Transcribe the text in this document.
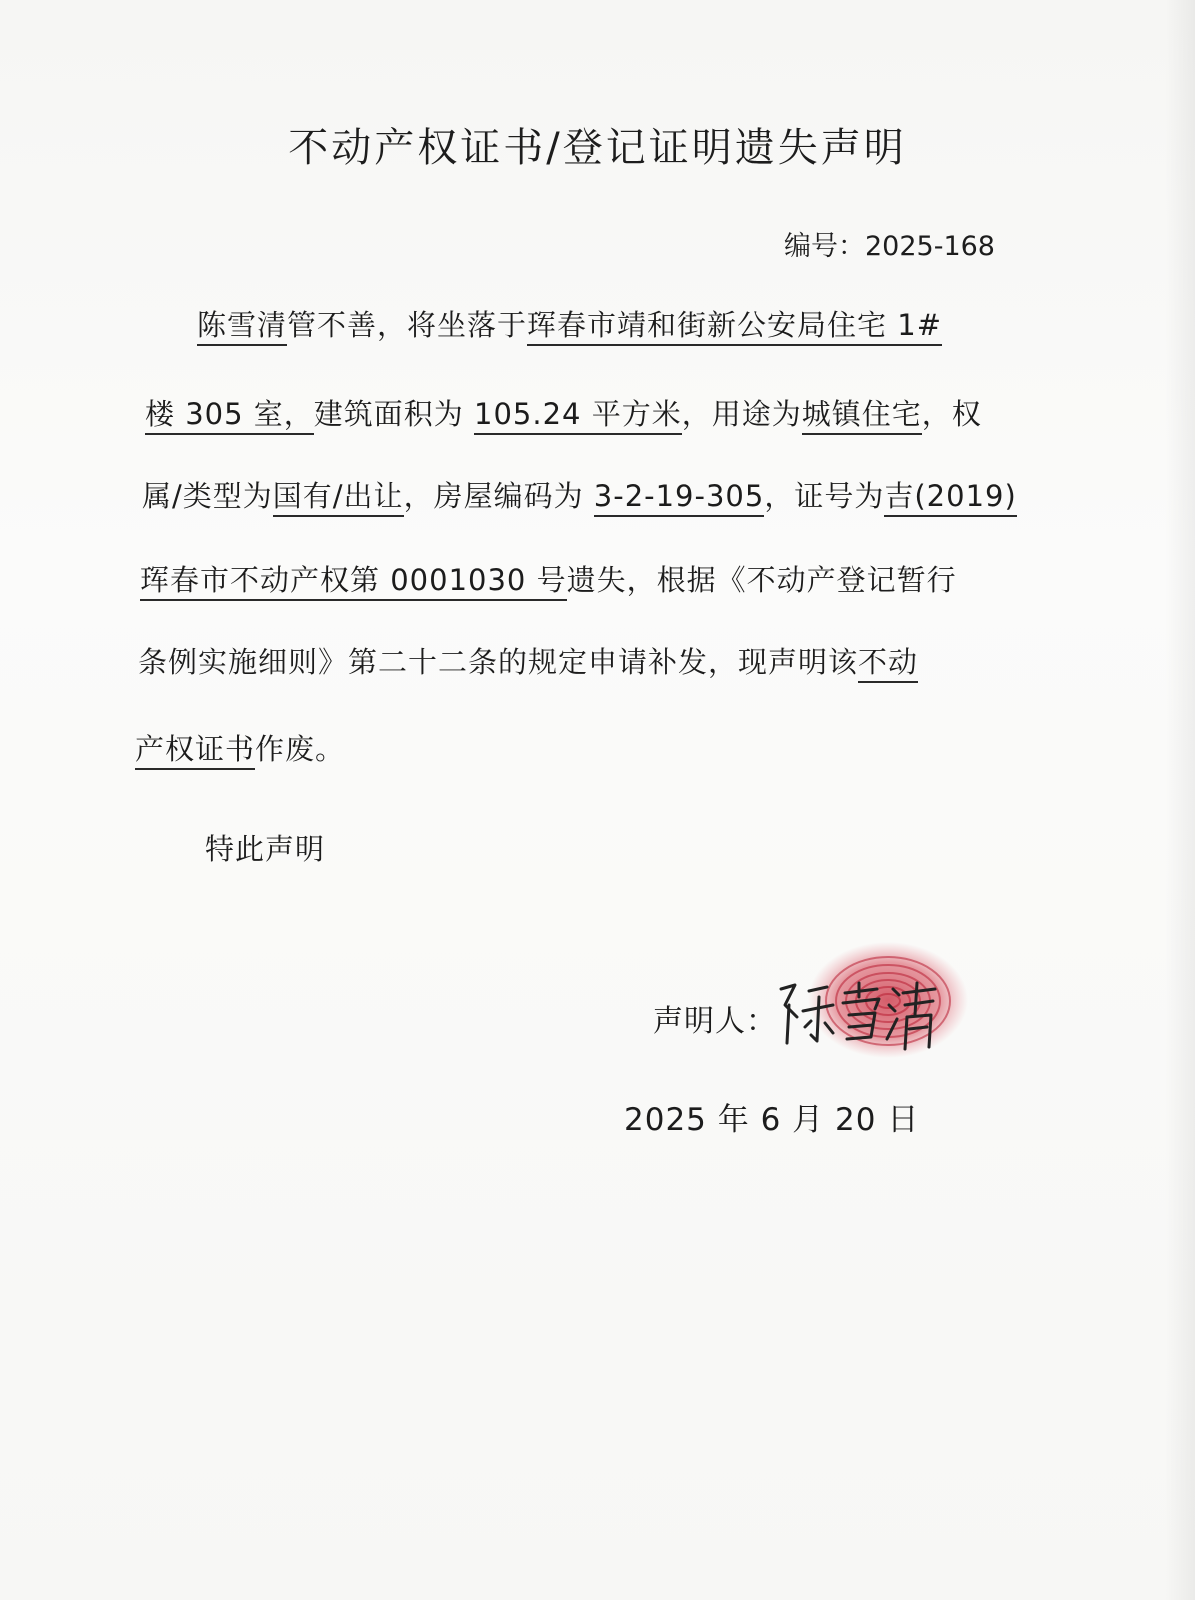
不动产权证书/登记证明遗失声明
编号：2025-168
陈雪清管不善，将坐落于珲春市靖和街新公安局住宅 1#
楼 305 室，建筑面积为 105.24 平方米，用途为城镇住宅，权
属/类型为国有/出让，房屋编码为 3-2-19-305，证号为吉(2019)
珲春市不动产权第 0001030 号遗失，根据《不动产登记暂行
条例实施细则》第二十二条的规定申请补发，现声明该不动
产权证书作废。
特此声明
声明人：
2025 年 6 月 20 日
